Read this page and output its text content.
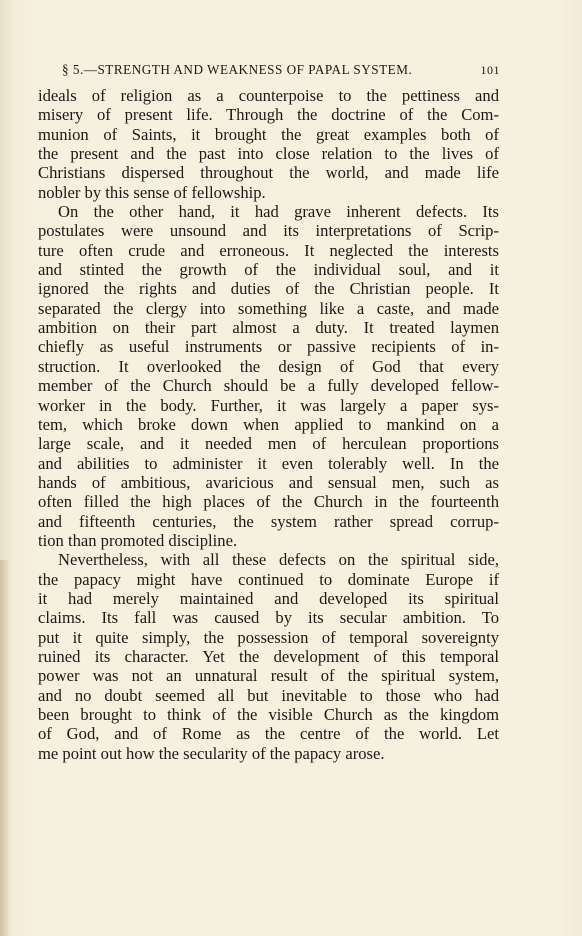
§ 5.—STRENGTH AND WEAKNESS OF PAPAL SYSTEM.	101
ideals of religion as a counterpoise to the pettiness and
misery of present life. Through the doctrine of the Com-
munion of Saints, it brought the great examples both of
the present and the past into close relation to the lives of
Christians dispersed throughout the world, and made life
nobler by this sense of fellowship.
On the other hand, it had grave inherent defects. Its
postulates were unsound and its interpretations of Scrip-
ture often crude and erroneous. It neglected the interests
and stinted the growth of the individual soul, and it
ignored the rights and duties of the Christian people. It
separated the clergy into something like a caste, and made
ambition on their part almost a duty. It treated laymen
chiefly as useful instruments or passive recipients of in-
struction. It overlooked the design of God that every
member of the Church should be a fully developed fellow-
worker in the body. Further, it was largely a paper sys-
tem, which broke down when applied to mankind on a
large scale, and it needed men of herculean proportions
and abilities to administer it even tolerably well. In the
hands of ambitious, avaricious and sensual men, such as
often filled the high places of the Church in the fourteenth
and fifteenth centuries, the system rather spread corrup-
tion than promoted discipline.
Nevertheless, with all these defects on the spiritual side,
the papacy might have continued to dominate Europe if
it had merely maintained and developed its spiritual
claims. Its fall was caused by its secular ambition. To
put it quite simply, the possession of temporal sovereignty
ruined its character. Yet the development of this temporal
power was not an unnatural result of the spiritual system,
and no doubt seemed all but inevitable to those who had
been brought to think of the visible Church as the kingdom
of God, and of Rome as the centre of the world. Let
me point out how the secularity of the papacy arose.
